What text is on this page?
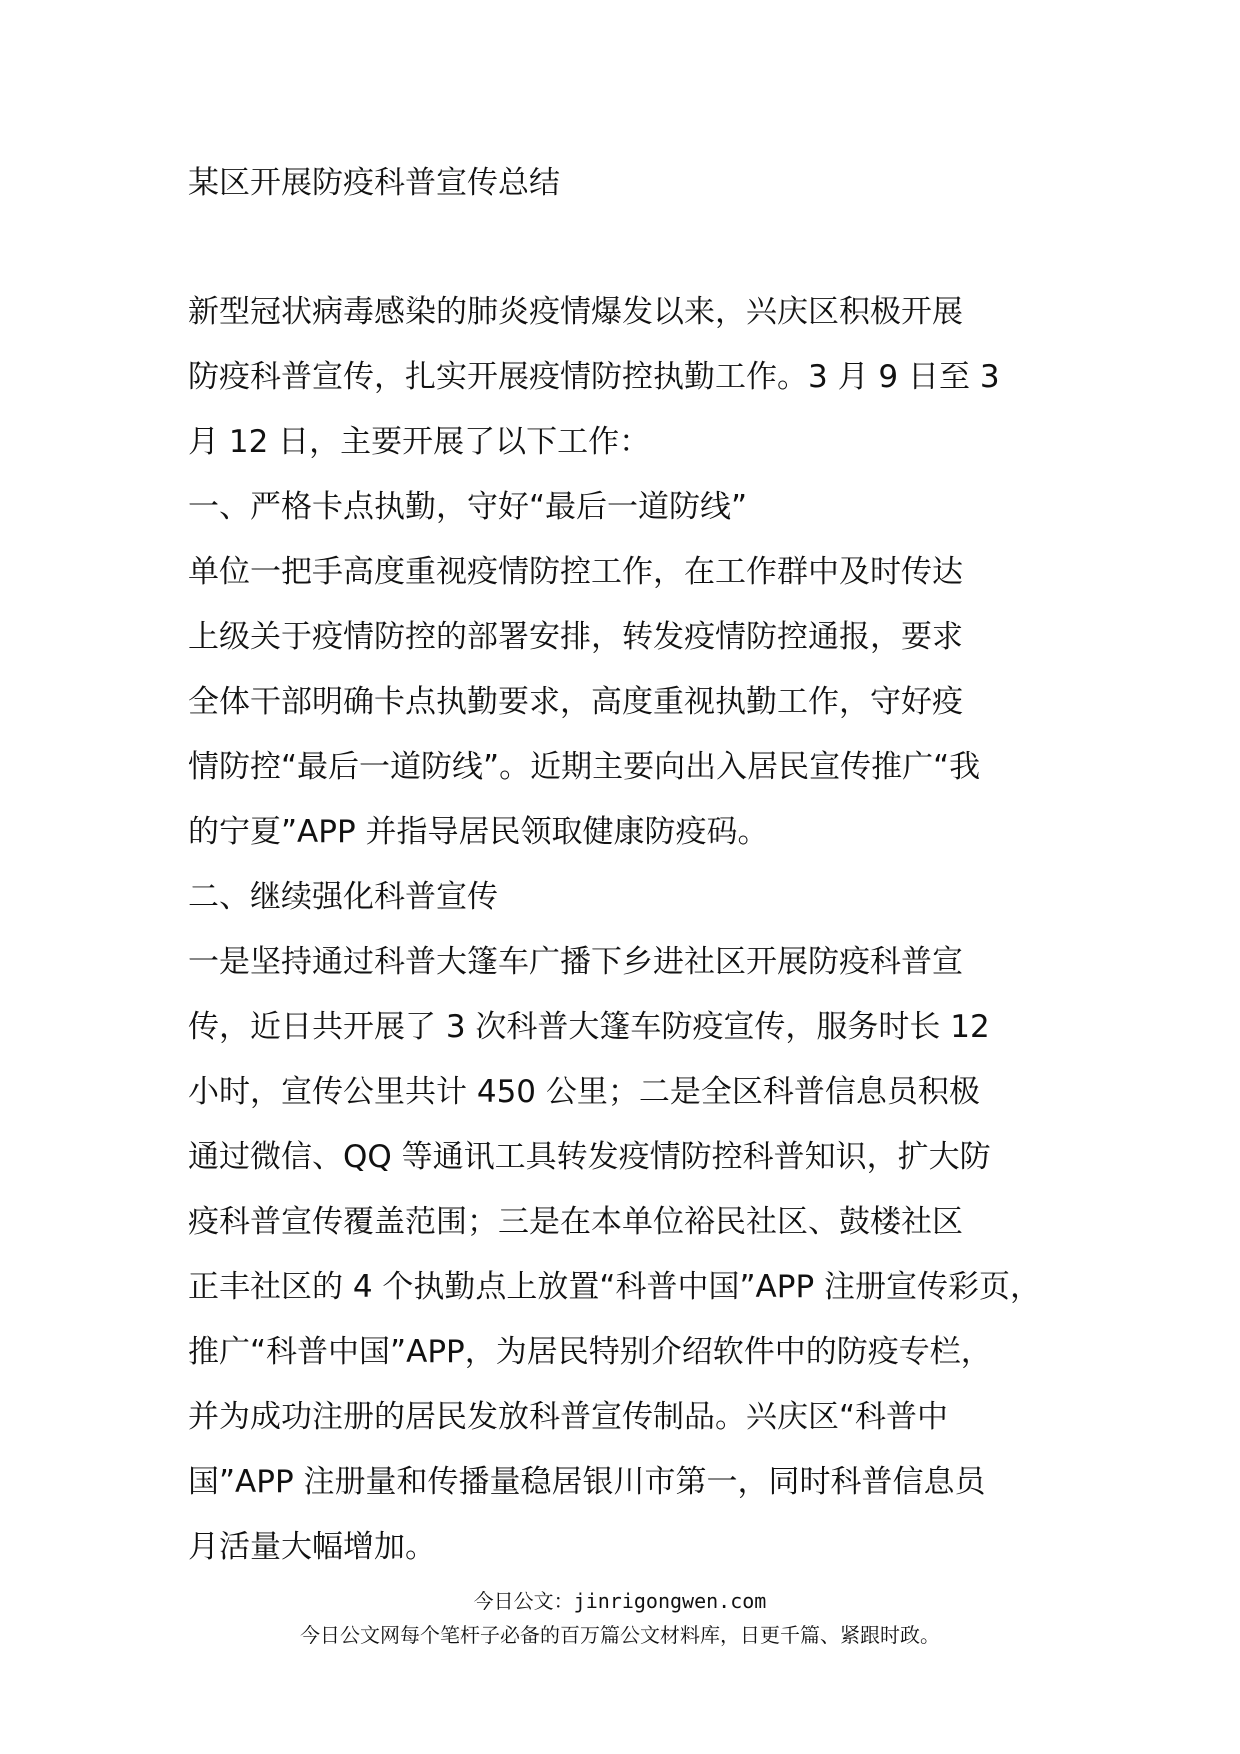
某区开展防疫科普宣传总结
新型冠状病毒感染的肺炎疫情爆发以来，兴庆区积极开展
防疫科普宣传，扎实开展疫情防控执勤工作。3 月 9 日至 3
月 12 日，主要开展了以下工作：
一、严格卡点执勤，守好“最后一道防线”
单位一把手高度重视疫情防控工作，在工作群中及时传达
上级关于疫情防控的部署安排，转发疫情防控通报，要求
全体干部明确卡点执勤要求，高度重视执勤工作，守好疫
情防控“最后一道防线”。近期主要向出入居民宣传推广“我
的宁夏”APP 并指导居民领取健康防疫码。
二、继续强化科普宣传
一是坚持通过科普大篷车广播下乡进社区开展防疫科普宣
传，近日共开展了 3 次科普大篷车防疫宣传，服务时长 12
小时，宣传公里共计 450 公里；二是全区科普信息员积极
通过微信、QQ 等通讯工具转发疫情防控科普知识，扩大防
疫科普宣传覆盖范围；三是在本单位裕民社区、鼓楼社区
正丰社区的 4 个执勤点上放置“科普中国”APP 注册宣传彩页，
推广“科普中国”APP，为居民特别介绍软件中的防疫专栏，
并为成功注册的居民发放科普宣传制品。兴庆区“科普中
国”APP 注册量和传播量稳居银川市第一，同时科普信息员
月活量大幅增加。
今日公文：jinrigongwen.com
今日公文网每个笔杆子必备的百万篇公文材料库，日更千篇、紧跟时政。
